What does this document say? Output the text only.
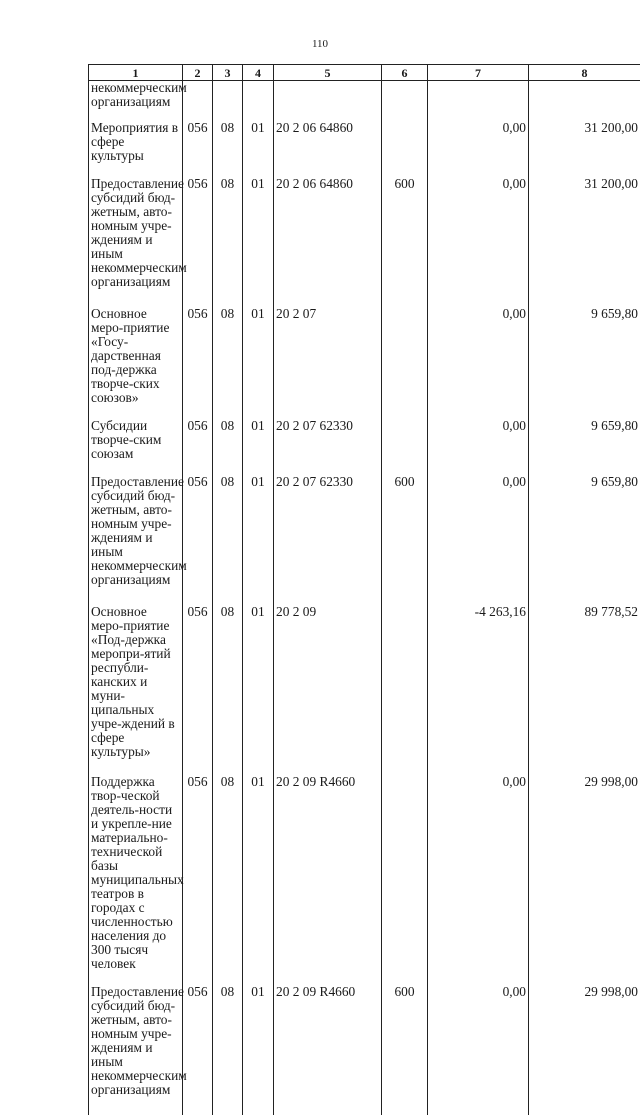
110
1	2	3	4	5	6	7	8
некоммерческим организациям							
Мероприятия в сфере культуры	056	08	01	20 2 06 64860		0,00	31 200,00
Предоставление субсидий бюд-жетным, авто-номным учре-ждениям и иным некоммерческим организациям	056	08	01	20 2 06 64860	600	0,00	31 200,00
Основное меро-приятие «Госу-дарственная под-держка творче-ских союзов»	056	08	01	20 2 07		0,00	9 659,80
Субсидии творче-ским союзам	056	08	01	20 2 07 62330		0,00	9 659,80
Предоставление субсидий бюд-жетным, авто-номным учре-ждениям и иным некоммерческим организациям	056	08	01	20 2 07 62330	600	0,00	9 659,80
Основное меро-приятие «Под-держка меропри-ятий республи-канских и муни-ципальных учре-ждений в сфере культуры»	056	08	01	20 2 09		-4 263,16	89 778,52
Поддержка твор-ческой деятель-ности и укрепле-ние материально-технической базы муниципальных театров в городах с численностью населения до 300 тысяч человек	056	08	01	20 2 09 R4660		0,00	29 998,00
Предоставление субсидий бюд-жетным, авто-номным учре-ждениям и иным некоммерческим организациям	056	08	01	20 2 09 R4660	600	0,00	29 998,00
